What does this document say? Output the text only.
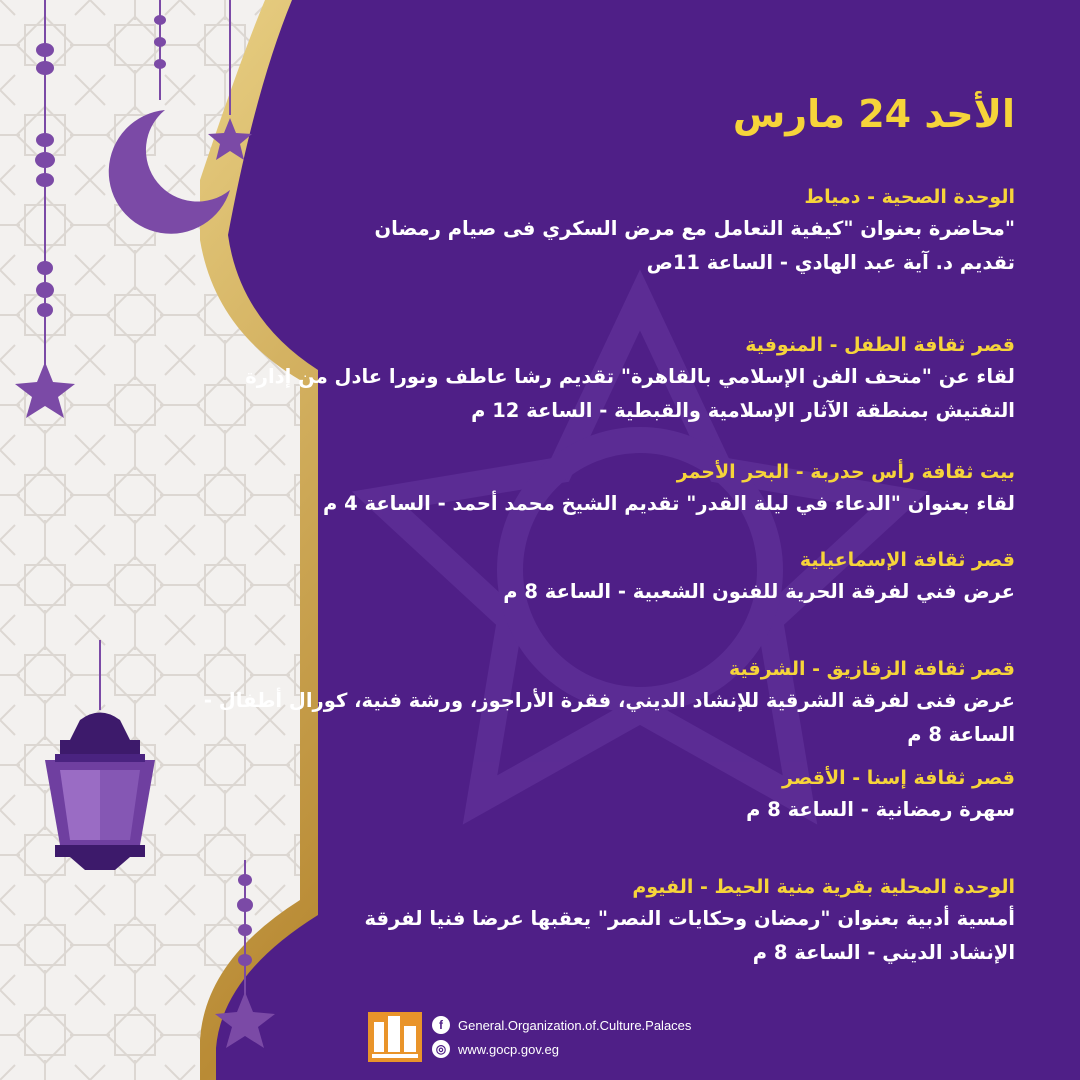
الأحد 24 مارس
الوحدة الصحية - دمياط
"محاضرة بعنوان "كيفية التعامل مع مرض السكري فى صيام رمضان
تقديم د. آية عبد الهادي - الساعة 11ص
قصر ثقافة الطفل - المنوفية
لقاء عن "متحف الفن الإسلامي بالقاهرة" تقديم رشا عاطف ونورا عادل من إدارة
التفتيش بمنطقة الآثار الإسلامية والقبطية - الساعة 12 م
بيت ثقافة رأس حدربة - البحر الأحمر
لقاء بعنوان "الدعاء في ليلة القدر" تقديم الشيخ محمد أحمد - الساعة 4 م
قصر ثقافة الإسماعيلية
عرض فني لفرقة الحرية للفنون الشعبية - الساعة 8 م
قصر ثقافة الزقازيق - الشرقية
عرض فنى لفرقة الشرقية للإنشاد الديني، فقرة الأراجوز، ورشة فنية، كورال أطفال -
الساعة 8 م
قصر ثقافة إسنا - الأقصر
سهرة رمضانية - الساعة 8 م
الوحدة المحلية بقرية منية الحيط - الفيوم
أمسية أدبية بعنوان "رمضان وحكايات النصر" يعقبها عرضا فنيا لفرقة
الإنشاد الديني - الساعة 8 م
f	General.Organization.of.Culture.Palaces
◎ www.gocp.gov.eg
